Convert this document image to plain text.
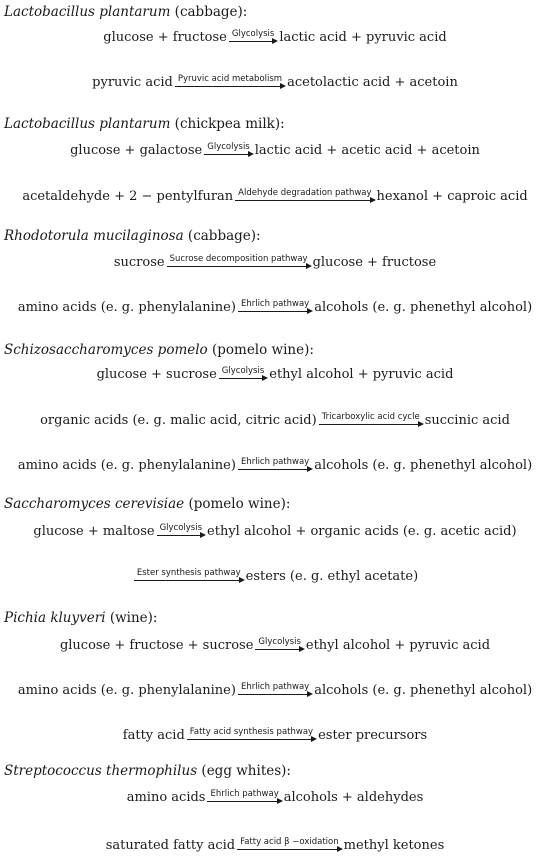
Lactobacillus plantarum (cabbage):
glucose + fructose Glycolysis lactic acid + pyruvic acid
pyruvic acid Pyruvic acid metabolism acetolactic acid + acetoin
Lactobacillus plantarum (chickpea milk):
glucose + galactose Glycolysis lactic acid + acetic acid + acetoin
acetaldehyde + 2 − pentylfuran Aldehyde degradation pathway hexanol + caproic acid
Rhodotorula mucilaginosa (cabbage):
sucrose Sucrose decomposition pathway glucose + fructose
amino acids (e. g. phenylalanine) Ehrlich pathway alcohols (e. g. phenethyl alcohol)
Schizosaccharomyces pomelo (pomelo wine):
glucose + sucrose Glycolysis ethyl alcohol + pyruvic acid
organic acids (e. g. malic acid, citric acid) Tricarboxylic acid cycle succinic acid
amino acids (e. g. phenylalanine) Ehrlich pathway alcohols (e. g. phenethyl alcohol)
Saccharomyces cerevisiae (pomelo wine):
glucose + maltose Glycolysis ethyl alcohol + organic acids (e. g. acetic acid)
Ester synthesis pathway esters (e. g. ethyl acetate)
Pichia kluyveri (wine):
glucose + fructose + sucrose Glycolysis ethyl alcohol + pyruvic acid
amino acids (e. g. phenylalanine) Ehrlich pathway alcohols (e. g. phenethyl alcohol)
fatty acid Fatty acid synthesis pathway ester precursors
Streptococcus thermophilus (egg whites):
amino acids Ehrlich pathway alcohols + aldehydes
saturated fatty acid Fatty acid β −oxidation methyl ketones
